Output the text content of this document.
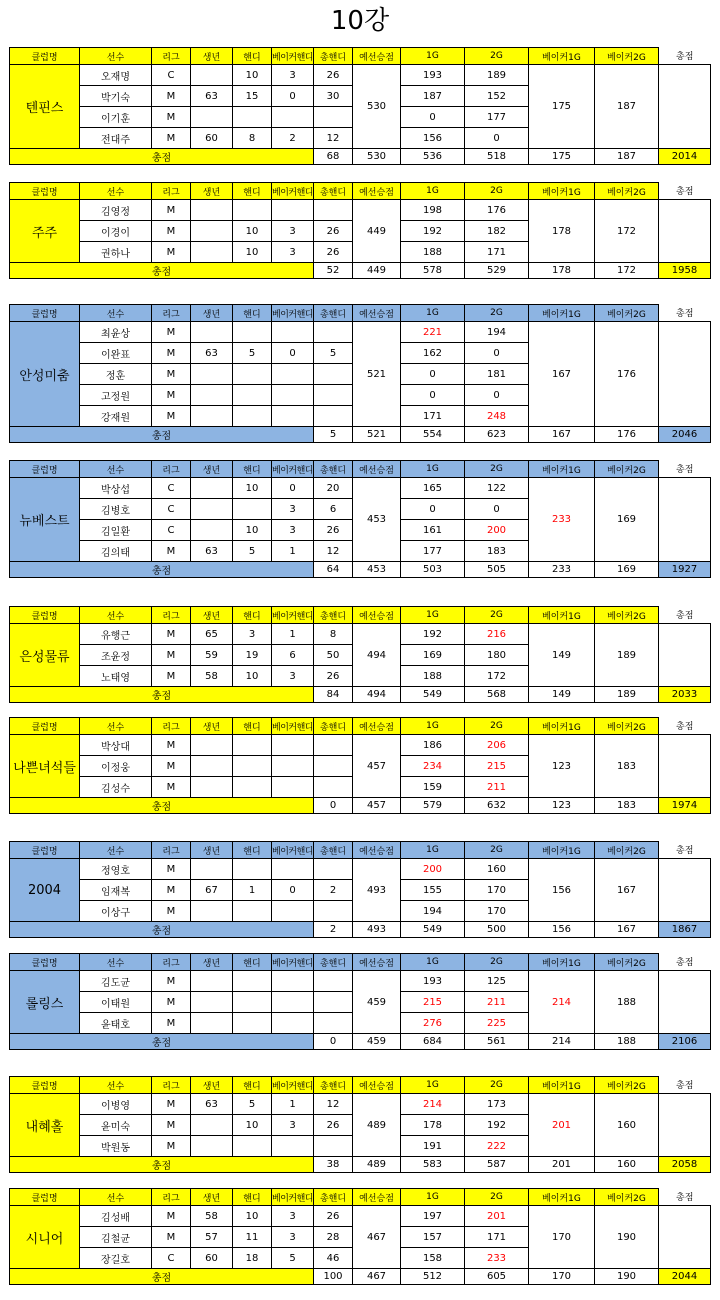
10강
클럽명	선수	리그	생년	핸디	베이커핸디	총핸디	예선승점	1G	2G	베이커1G	베이커2G	총점
텐핀스	오재명	C		10	3	26	530	193	189	175	187	
	박기숙	M	63	15	0	30		187	152			
	이기훈	M						0	177			
	전대주	M	60	8	2	12		156	0			
총점						68	530	536	518	175	187	2014
클럽명	선수	리그	생년	핸디	베이커핸디	총핸디	예선승점	1G	2G	베이커1G	베이커2G	총점
주주	김영정	M					449	198	176	178	172	
	이경이	M		10	3	26		192	182			
	권하나	M		10	3	26		188	171			
총점						52	449	578	529	178	172	1958
클럽명	선수	리그	생년	핸디	베이커핸디	총핸디	예선승점	1G	2G	베이커1G	베이커2G	총점
안성미춤	최윤상	M					521	221	194	167	176	
	이완표	M	63	5	0	5		162	0			
	정훈	M						0	181			
	고정원	M						0	0			
	강재원	M						171	248			
총점						5	521	554	623	167	176	2046
클럽명	선수	리그	생년	핸디	베이커핸디	총핸디	예선승점	1G	2G	베이커1G	베이커2G	총점
뉴베스트	박상섭	C		10	0	20	453	165	122	233	169	
	김병호	C			3	6		0	0			
	김일환	C		10	3	26		161	200			
	김의태	M	63	5	1	12		177	183			
총점						64	453	503	505	233	169	1927
클럽명	선수	리그	생년	핸디	베이커핸디	총핸디	예선승점	1G	2G	베이커1G	베이커2G	총점
은성물류	유행근	M	65	3	1	8	494	192	216	149	189	
	조윤정	M	59	19	6	50		169	180			
	노태영	M	58	10	3	26		188	172			
총점						84	494	549	568	149	189	2033
클럽명	선수	리그	생년	핸디	베이커핸디	총핸디	예선승점	1G	2G	베이커1G	베이커2G	총점
나쁜녀석들	박상대	M					457	186	206	123	183	
	이정웅	M						234	215			
	김성수	M						159	211			
총점						0	457	579	632	123	183	1974
클럽명	선수	리그	생년	핸디	베이커핸디	총핸디	예선승점	1G	2G	베이커1G	베이커2G	총점
2004	정영호	M					493	200	160	156	167	
	임재복	M	67	1	0	2		155	170			
	이상구	M						194	170			
총점						2	493	549	500	156	167	1867
클럽명	선수	리그	생년	핸디	베이커핸디	총핸디	예선승점	1G	2G	베이커1G	베이커2G	총점
롤링스	김도균	M					459	193	125	214	188	
	이태원	M						215	211			
	윤태호	M						276	225			
총점						0	459	684	561	214	188	2106
클럽명	선수	리그	생년	핸디	베이커핸디	총핸디	예선승점	1G	2G	베이커1G	베이커2G	총점
내혜홀	이병영	M	63	5	1	12	489	214	173	201	160	
	윤미숙	M		10	3	26		178	192			
	박원동	M						191	222			
총점						38	489	583	587	201	160	2058
클럽명	선수	리그	생년	핸디	베이커핸디	총핸디	예선승점	1G	2G	베이커1G	베이커2G	총점
시니어	김성배	M	58	10	3	26	467	197	201	170	190	
	김철균	M	57	11	3	28		157	171			
	장길호	C	60	18	5	46		158	233			
총점						100	467	512	605	170	190	2044
